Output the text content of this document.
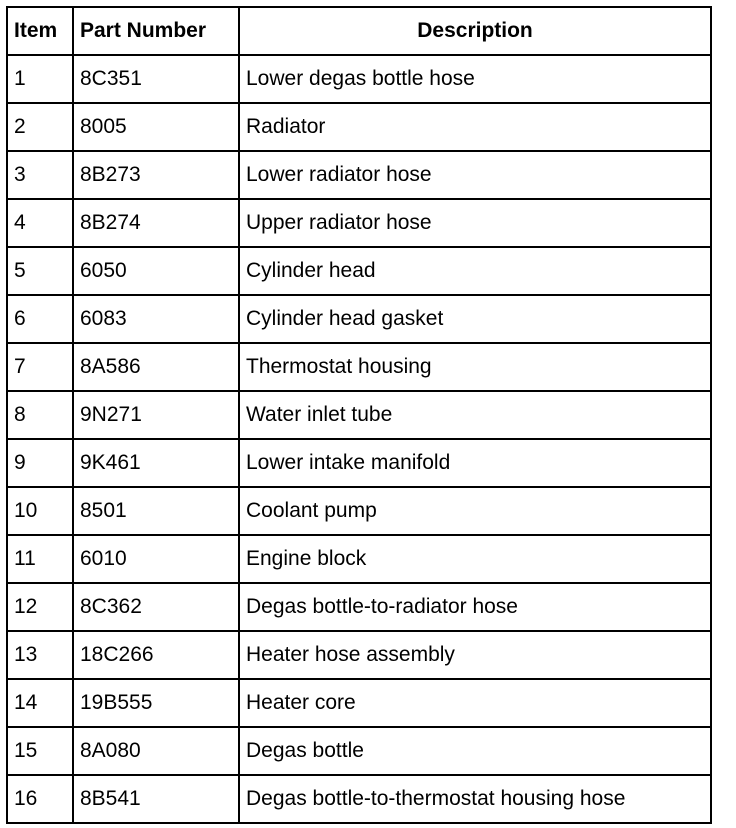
Item	Part Number	Description
1	8C351	Lower degas bottle hose
2	8005	Radiator
3	8B273	Lower radiator hose
4	8B274	Upper radiator hose
5	6050	Cylinder head
6	6083	Cylinder head gasket
7	8A586	Thermostat housing
8	9N271	Water inlet tube
9	9K461	Lower intake manifold
10	8501	Coolant pump
11	6010	Engine block
12	8C362	Degas bottle-to-radiator hose
13	18C266	Heater hose assembly
14	19B555	Heater core
15	8A080	Degas bottle
16	8B541	Degas bottle-to-thermostat housing hose
